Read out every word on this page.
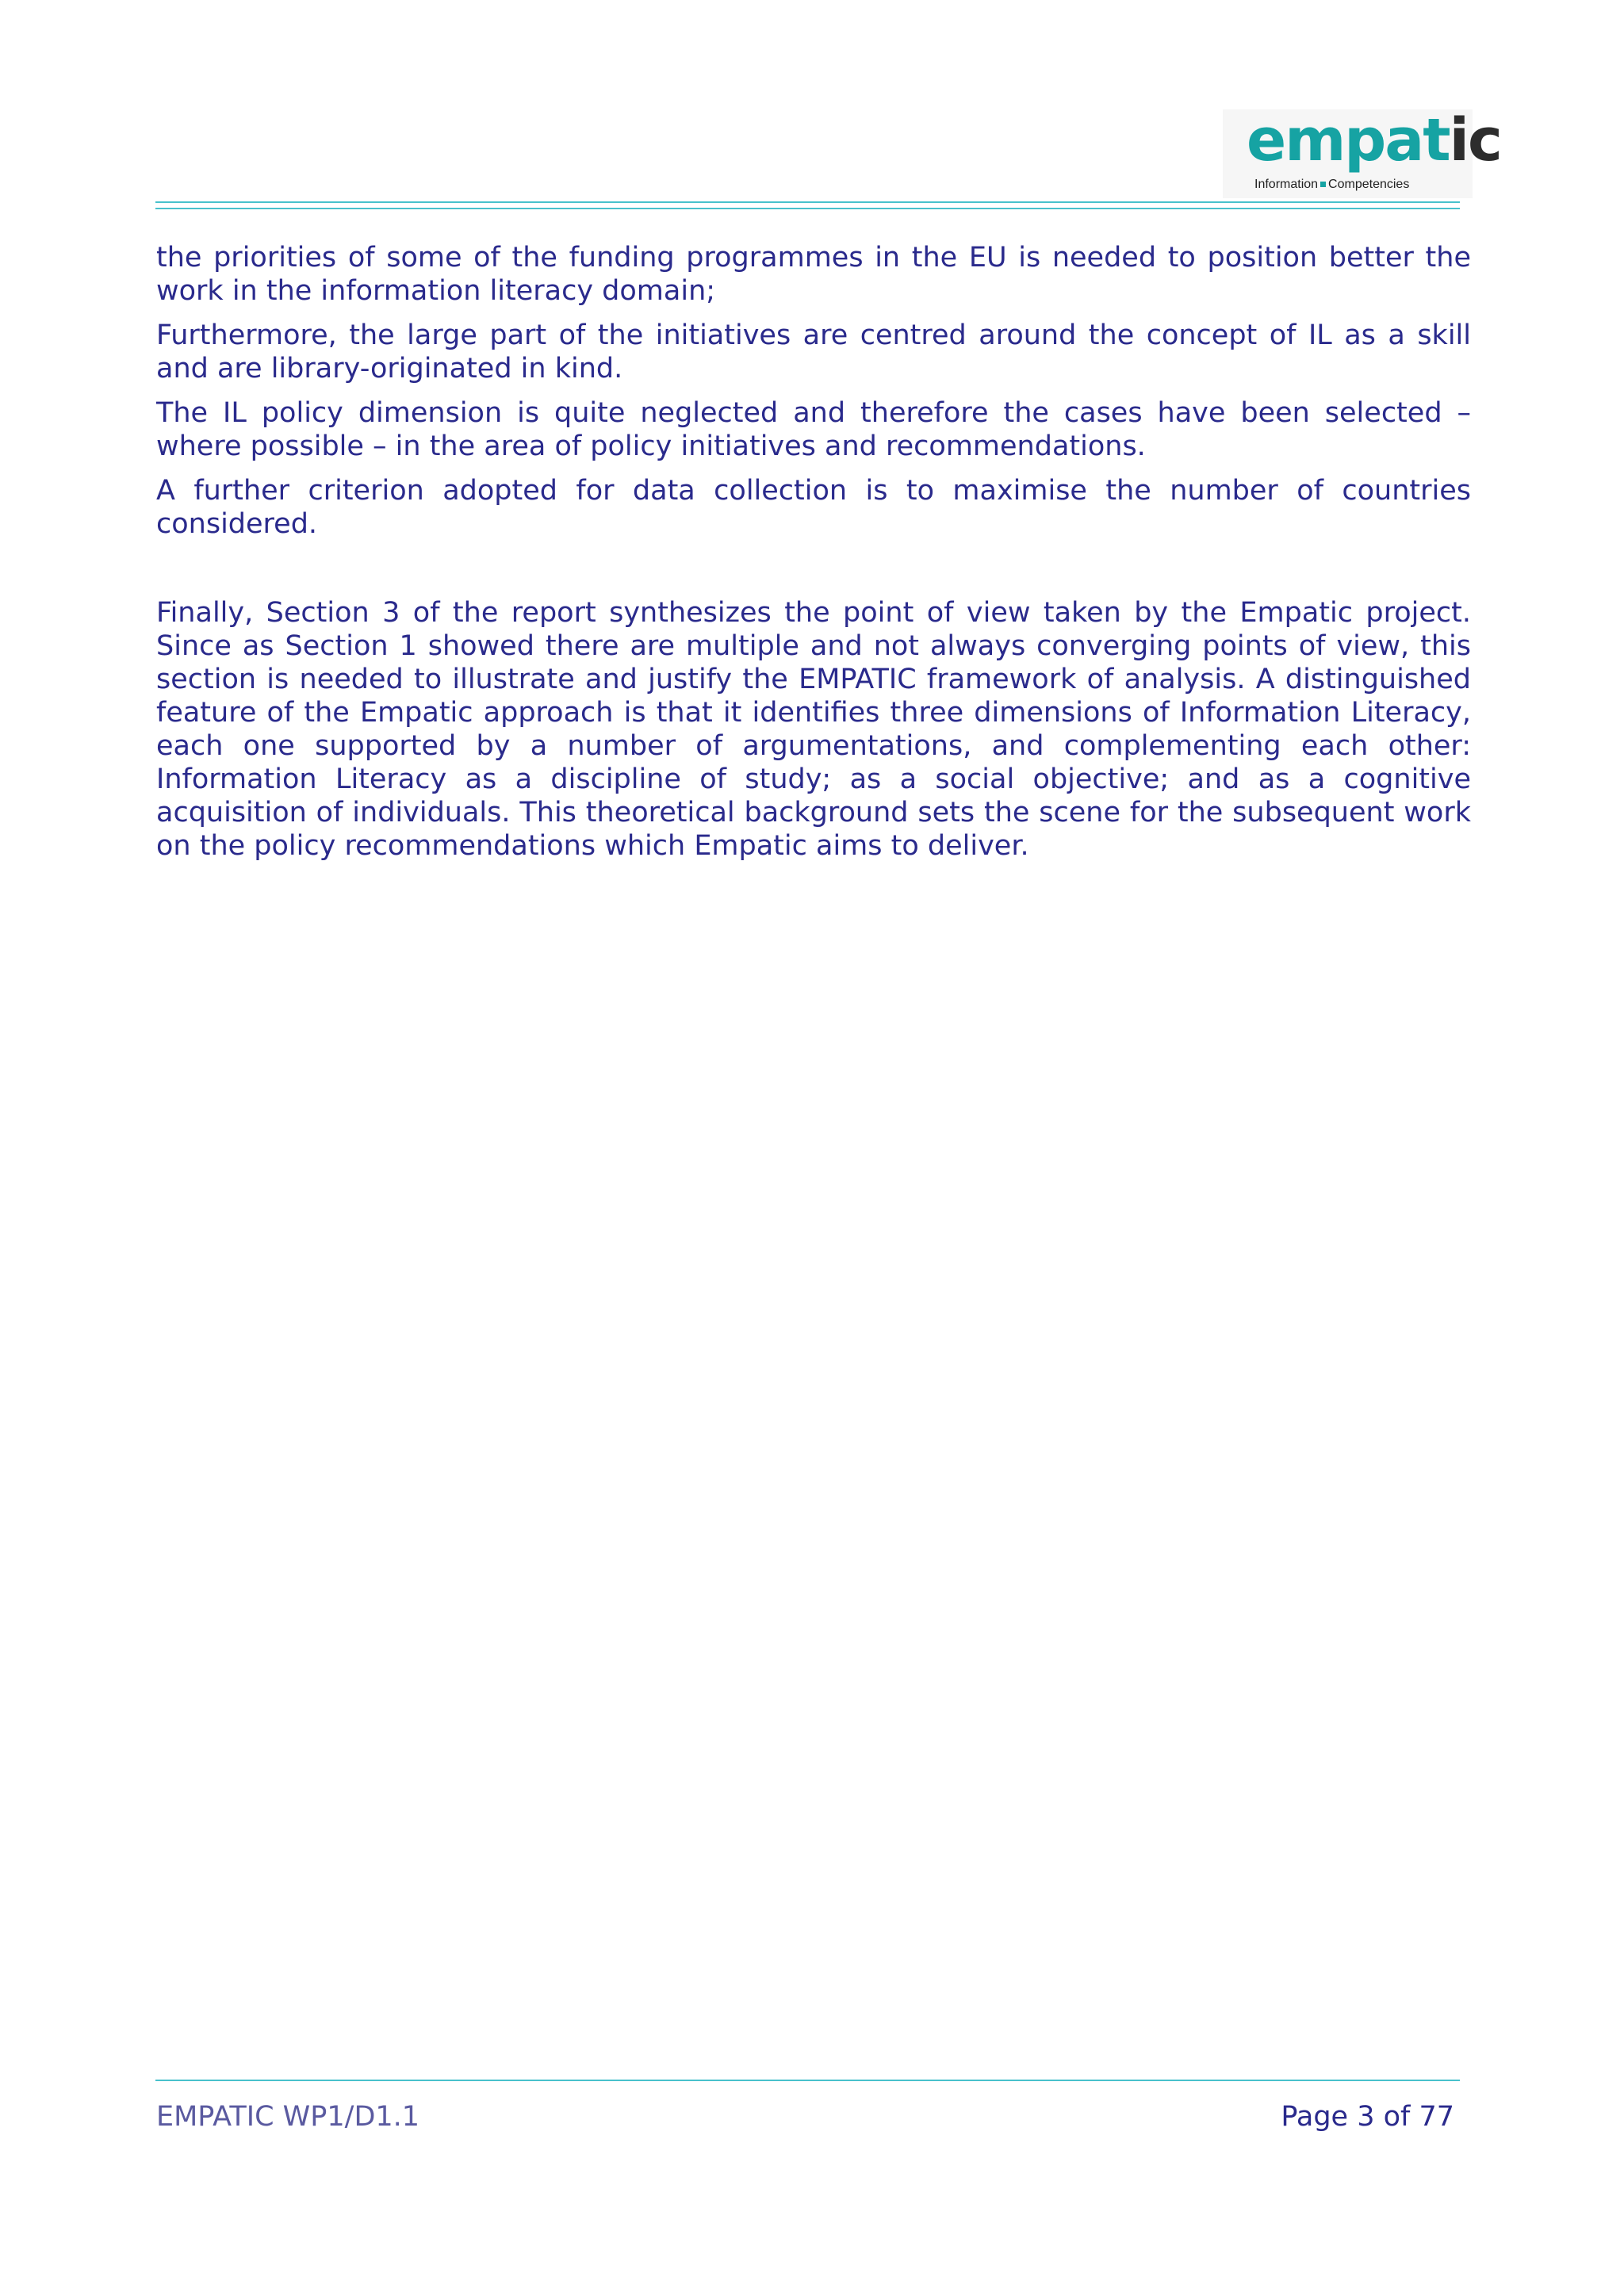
empatic
Information Competencies

the priorities of some of the funding programmes in the EU is needed to position better the work in the information literacy domain;

Furthermore, the large part of the initiatives are centred around the concept of IL as a skill and are library-originated in kind.

The IL policy dimension is quite neglected and therefore the cases have been selected – where possible – in the area of policy initiatives and recommendations.

A further criterion adopted for data collection is to maximise the number of countries considered.

Finally, Section 3 of the report synthesizes the point of view taken by the Empatic project. Since as Section 1 showed there are multiple and not always converging points of view, this section is needed to illustrate and justify the EMPATIC framework of analysis. A distinguished feature of the Empatic approach is that it identifies three dimensions of Information Literacy, each one supported by a number of argumentations, and complementing each other: Information Literacy as a discipline of study; as a social objective; and as a cognitive acquisition of individuals. This theoretical background sets the scene for the subsequent work on the policy recommendations which Empatic aims to deliver.

EMPATIC WP1/D1.1	Page 3 of 77
